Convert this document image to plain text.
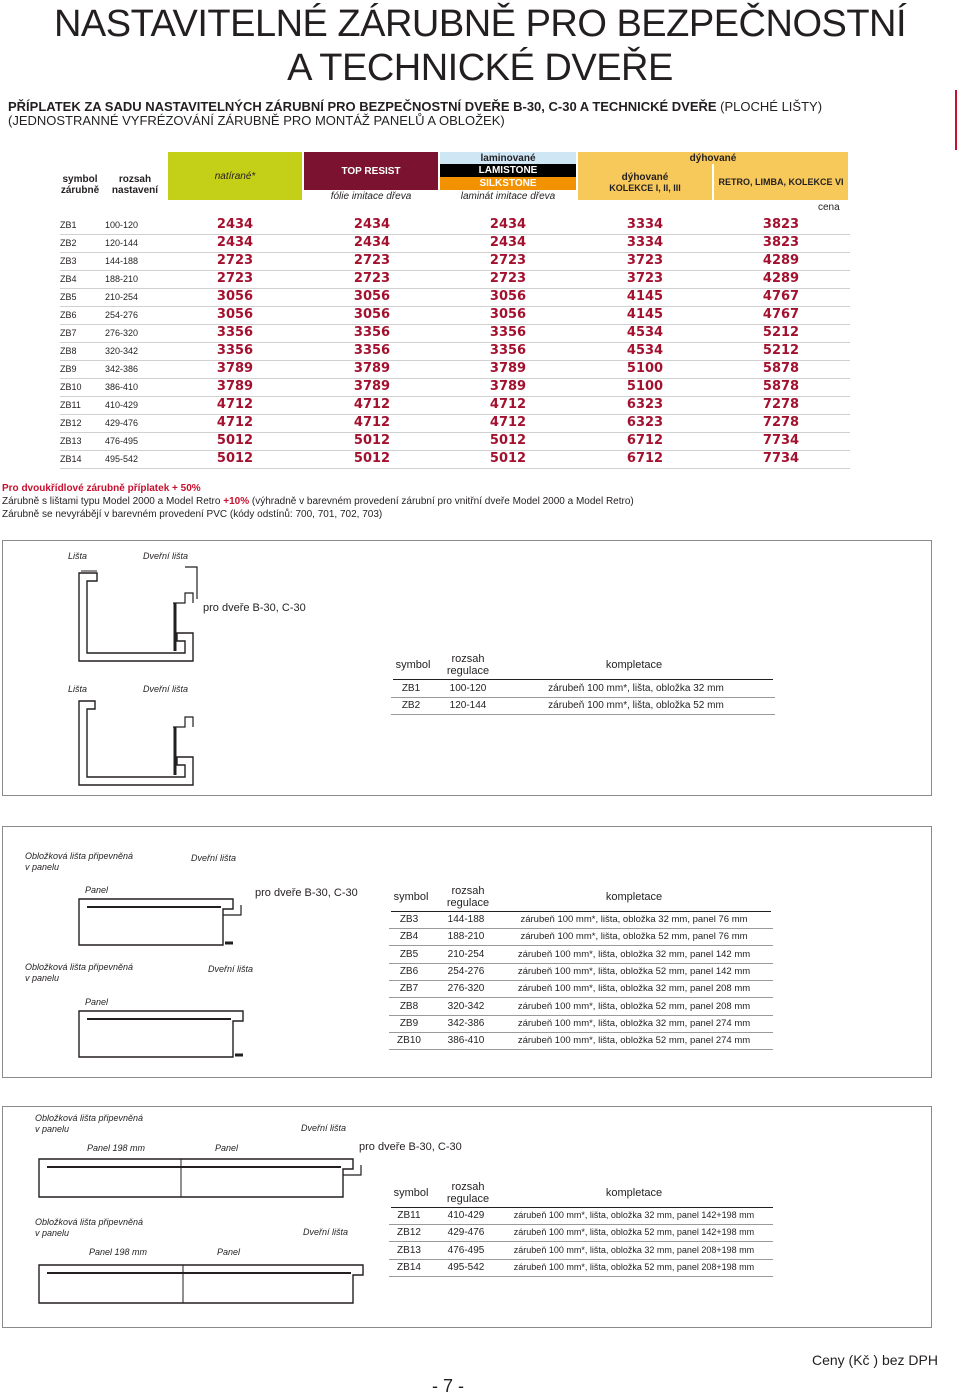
NASTAVITELNÉ ZÁRUBNĚ PRO BEZPEČNOSTNÍ
A TECHNICKÉ DVEŘE
PŘÍPLATEK ZA SADU NASTAVITELNÝCH ZÁRUBNÍ PRO BEZPEČNOSTNÍ DVEŘE B-30, C-30 A TECHNICKÉ DVEŘE (PLOCHÉ LIŠTY)
(JEDNOSTRANNÉ VYFRÉZOVÁNÍ ZÁRUBNĚ PRO MONTÁŽ PANELŮ A OBLOŽEK)
symbol
zárubně
rozsah
nastavení
natírané*	TOP RESIST
fólie imitace dřeva
laminované
LAMISTONE
SILKSTONE
laminát imitace dřeva
dýhované
dýhované
KOLEKCE I, II, III
RETRO, LIMBA, KOLEKCE VI
cena
ZB1	100-120	2434	2434	2434	3334	3823
ZB2	120-144	2434	2434	2434	3334	3823
ZB3	144-188	2723	2723	2723	3723	4289
ZB4	188-210	2723	2723	2723	3723	4289
ZB5	210-254	3056	3056	3056	4145	4767
ZB6	254-276	3056	3056	3056	4145	4767
ZB7	276-320	3356	3356	3356	4534	5212
ZB8	320-342	3356	3356	3356	4534	5212
ZB9	342-386	3789	3789	3789	5100	5878
ZB10	386-410	3789	3789	3789	5100	5878
ZB11	410-429	4712	4712	4712	6323	7278
ZB12	429-476	4712	4712	4712	6323	7278
ZB13	476-495	5012	5012	5012	6712	7734
ZB14	495-542	5012	5012	5012	6712	7734
Pro dvoukřídlové zárubně příplatek + 50%
Zárubně s lištami typu Model 2000 a Model Retro +10% (výhradně v barevném provedení zárubní pro vnitřní dveře Model 2000 a Model Retro)
Zárubně se nevyrábějí v barevném provedení PVC (kódy odstínů: 700, 701, 702, 703)
Lišta	Dveřní lišta
pro dveře B-30, C-30
Lišta	Dveřní lišta
symbol	rozsah
regulace	kompletace
ZB1	100-120	zárubeň 100 mm*, lišta, obložka 32 mm
ZB2	120-144	zárubeň 100 mm*, lišta, obložka 52 mm
Obložková lišta připevněná
v panelu
Dveřní lišta
Panel	pro dveře B-30, C-30
Obložková lišta připevněná
v panelu
Dveřní lišta
Panel
symbol	rozsah
regulace	kompletace
ZB3	144-188	zárubeň 100 mm*, lišta, obložka 32 mm, panel 76 mm
ZB4	188-210	zárubeň 100 mm*, lišta, obložka 52 mm, panel 76 mm
ZB5	210-254	zárubeň 100 mm*, lišta, obložka 32 mm, panel 142 mm
ZB6	254-276	zárubeň 100 mm*, lišta, obložka 52 mm, panel 142 mm
ZB7	276-320	zárubeň 100 mm*, lišta, obložka 32 mm, panel 208 mm
ZB8	320-342	zárubeň 100 mm*, lišta, obložka 52 mm, panel 208 mm
ZB9	342-386	zárubeň 100 mm*, lišta, obložka 32 mm, panel 274 mm
ZB10	386-410	zárubeň 100 mm*, lišta, obložka 52 mm, panel 274 mm
Obložková lišta připevněná
v panelu	Dveřní lišta
Panel 198 mm	Panel	pro dveře B-30, C-30
Obložková lišta připevněná
v panelu	Dveřní lišta
Panel 198 mm	Panel
symbol	rozsah
regulace	kompletace
ZB11	410-429	zárubeň 100 mm*, lišta, obložka 32 mm, panel 142+198 mm
ZB12	429-476	zárubeň 100 mm*, lišta, obložka 52 mm, panel 142+198 mm
ZB13	476-495	zárubeň 100 mm*, lišta, obložka 32 mm, panel 208+198 mm
ZB14	495-542	zárubeň 100 mm*, lišta, obložka 52 mm, panel 208+198 mm
Ceny (Kč ) bez DPH
- 7 -
